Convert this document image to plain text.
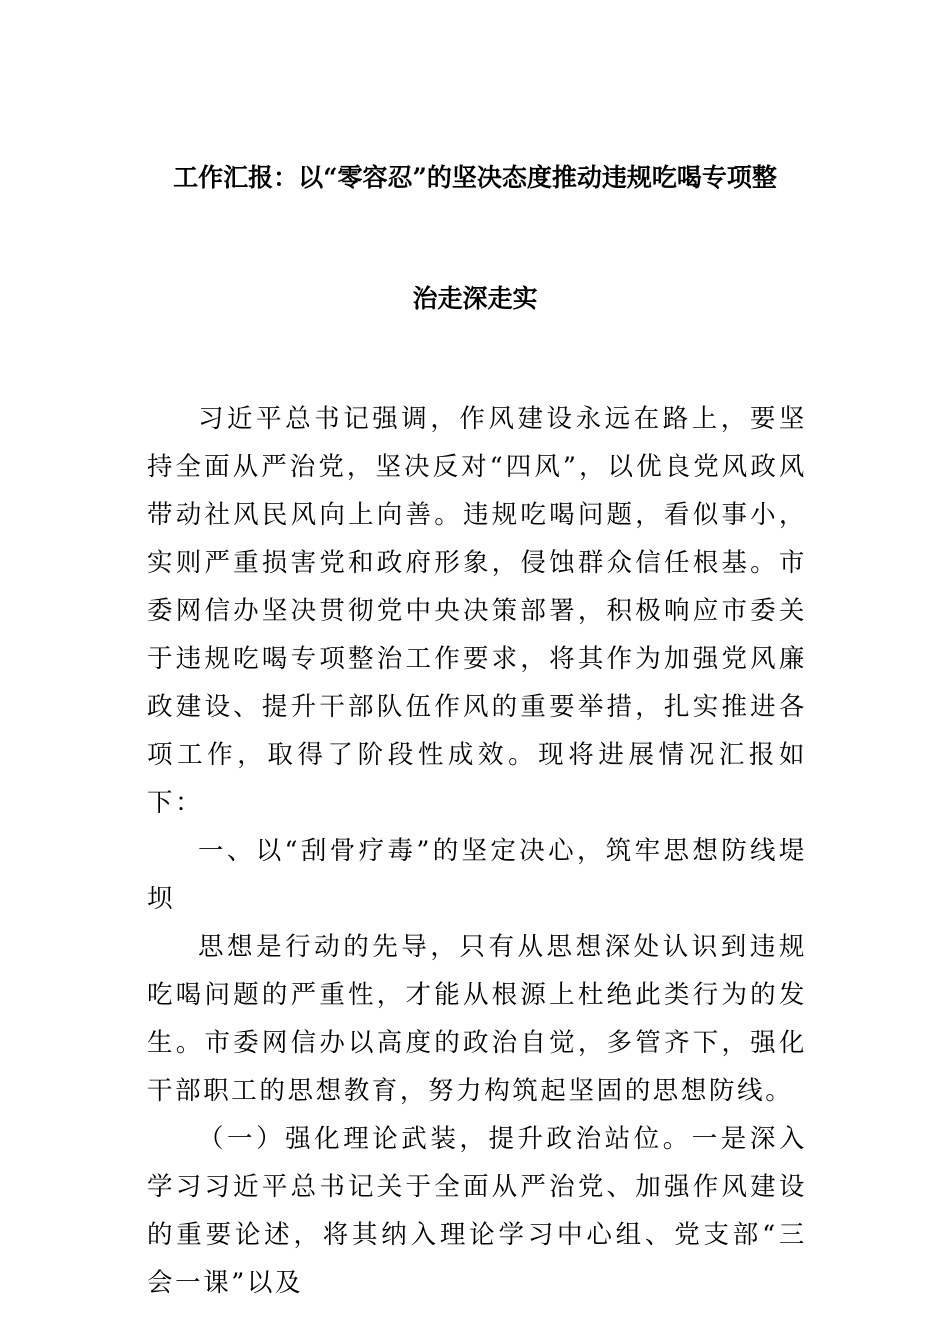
工作汇报：以“零容忍”的坚决态度推动违规吃喝专项整
治走深走实

习近平总书记强调，作风建设永远在路上，要坚持全面从严治党，坚决反对“四风”，以优良党风政风带动社风民风向上向善。违规吃喝问题，看似事小，实则严重损害党和政府形象，侵蚀群众信任根基。市委网信办坚决贯彻党中央决策部署，积极响应市委关于违规吃喝专项整治工作要求，将其作为加强党风廉政建设、提升干部队伍作风的重要举措，扎实推进各项工作，取得了阶段性成效。现将进展情况汇报如下：

一、以“刮骨疗毒”的坚定决心，筑牢思想防线堤坝

思想是行动的先导，只有从思想深处认识到违规吃喝问题的严重性，才能从根源上杜绝此类行为的发生。市委网信办以高度的政治自觉，多管齐下，强化干部职工的思想教育，努力构筑起坚固的思想防线。

（一）强化理论武装，提升政治站位。一是深入学习习近平总书记关于全面从严治党、加强作风建设的重要论述，将其纳入理论学习中心组、党支部“三会一课”以及
